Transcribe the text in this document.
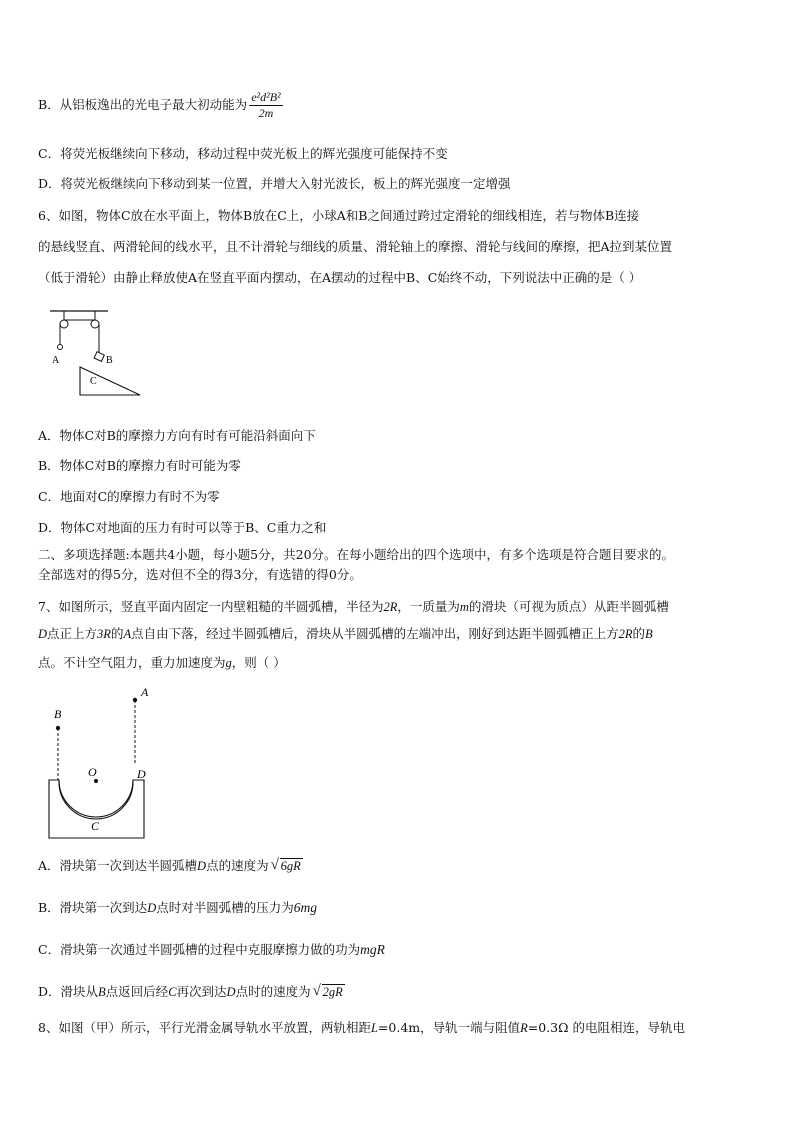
B．从铝板逸出的光电子最大初动能为 $\frac{\text{e²d²B²}}{2m}$
C．将荧光板继续向下移动，移动过程中荧光板上的辉光强度可能保持不变
D．将荧光板继续向下移动到某一位置，并增大入射光波长，板上的辉光强度一定增强
6、如图，物体C放在水平面上，物体B放在C上，小球A和B之间通过跨过定滑轮的细线相连，若与物体B连接
的悬线竖直、两滑轮间的线水平，且不计滑轮与细线的质量、滑轮轴上的摩擦、滑轮与线间的摩擦，把A拉到某位置
（低于滑轮）由静止释放使A在竖直平面内摆动，在A摆动的过程中B、C始终不动，下列说法中正确的是（ ）
A	B
C
A．物体C对B的摩擦力方向有时有可能沿斜面向下
B．物体C对B的摩擦力有时可能为零
C．地面对C的摩擦力有时不为零
D．物体C对地面的压力有时可以等于B、C重力之和
二、多项选择题:本题共4小题，每小题5分，共20分。在每小题给出的四个选项中，有多个选项是符合题目要求的。
全部选对的得5分，选对但不全的得3分，有选错的得0分。
7、如图所示，竖直平面内固定一内壁粗糙的半圆弧槽，半径为2R，一质量为m的滑块（可视为质点）从距半圆弧槽
D点正上方3R的A点自由下落，经过半圆弧槽后，滑块从半圆弧槽的左端冲出，刚好到达距半圆弧槽正上方2R的B
点。不计空气阻力，重力加速度为g，则（ ）
A
B
O	D
C
A．滑块第一次到达半圆弧槽D点的速度为 √ 6gR
B．滑块第一次到达D点时对半圆弧槽的压力为6mg
C．滑块第一次通过半圆弧槽的过程中克服摩擦力做的功为mgR
D．滑块从B点返回后经C再次到达D点时的速度为 √ 2gR
8、如图（甲）所示，平行光滑金属导轨水平放置，两轨相距L=0.4m，导轨一端与阻值R=0.3Ω 的电阻相连，导轨电
